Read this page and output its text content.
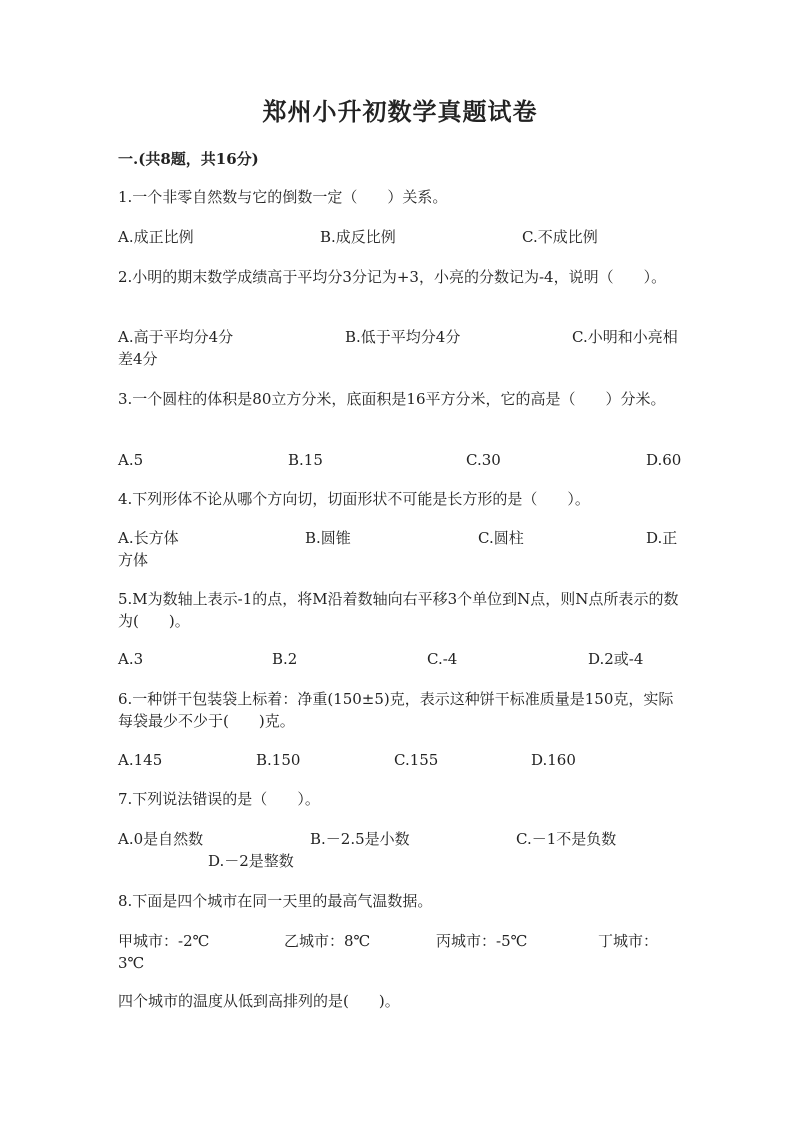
郑州小升初数学真题试卷
一.(共8题，共16分)

1.一个非零自然数与它的倒数一定（　　）关系。

A.成正比例	B.成反比例	C.不成比例

2.小明的期末数学成绩高于平均分3分记为+3，小亮的分数记为-4，说明（　　）。

A.高于平均分4分	B.低于平均分4分	C.小明和小亮相差4分

3.一个圆柱的体积是80立方分米，底面积是16平方分米，它的高是（　　）分米。

A.5	B.15	C.30	D.60

4.下列形体不论从哪个方向切，切面形状不可能是长方形的是（　　）。

A.长方体	B.圆锥	C.圆柱	D.正方体

5.M为数轴上表示-1的点，将M沿着数轴向右平移3个单位到N点，则N点所表示的数为(　　)。

A.3	B.2	C.-4	D.2或-4

6.一种饼干包装袋上标着：净重(150±5)克，表示这种饼干标准质量是150克，实际每袋最少不少于(　　)克。

A.145	B.150	C.155	D.160

7.下列说法错误的是（　　）。

A.0是自然数	B.－2.5是小数	C.－1不是负数
D.－2是整数

8.下面是四个城市在同一天里的最高气温数据。

甲城市：-2℃	乙城市：8℃	丙城市：-5℃	丁城市：3℃

四个城市的温度从低到高排列的是(　　)。
